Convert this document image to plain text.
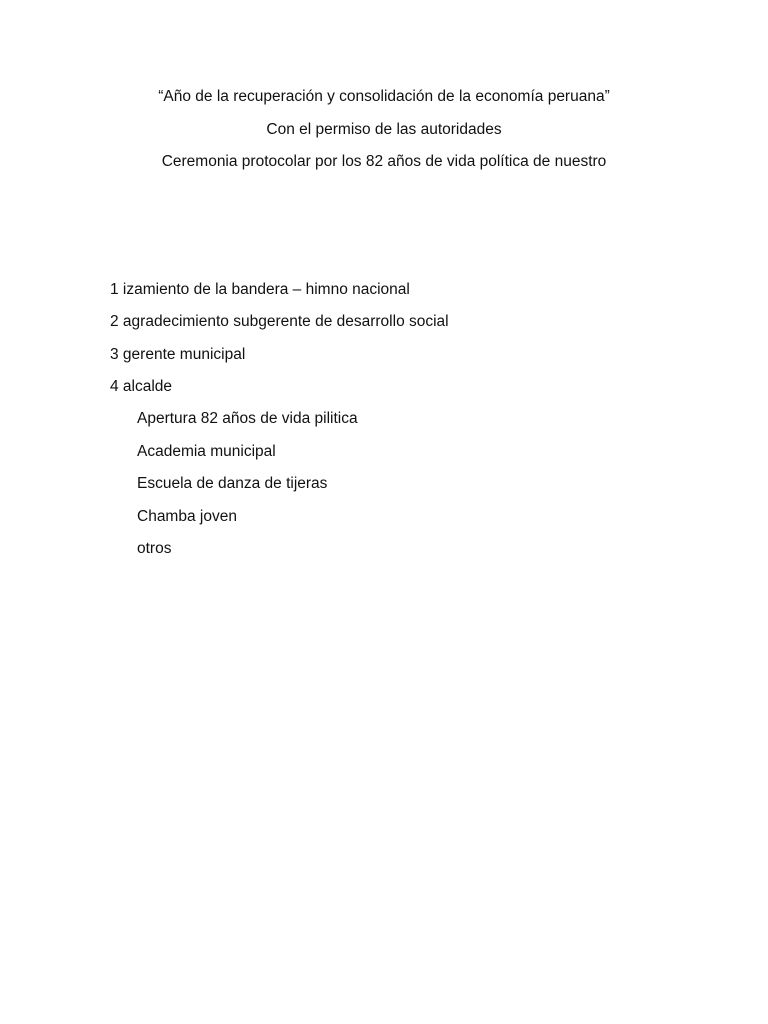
“Año de la recuperación y consolidación de la economía peruana”
Con el permiso de las autoridades
Ceremonia protocolar por los 82 años de vida política de nuestro
1 izamiento de la bandera – himno nacional
2 agradecimiento subgerente de desarrollo social
3 gerente municipal
4 alcalde
Apertura 82 años de vida pilitica
Academia municipal
Escuela de danza de tijeras
Chamba joven
otros
